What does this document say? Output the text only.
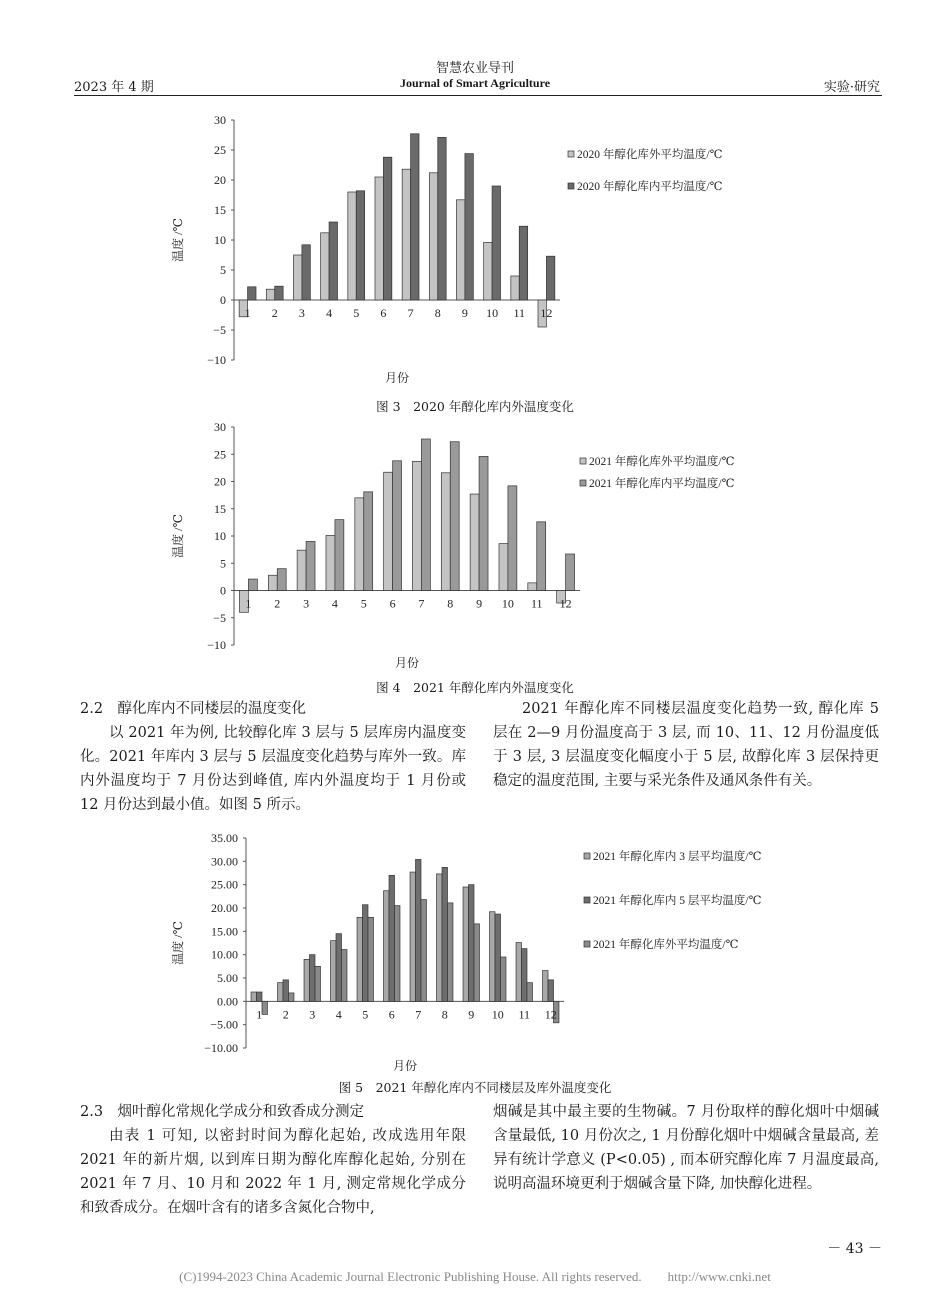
智慧农业导刊
2023 年 4 期	Journal of Smart Agriculture	实验·研究
−10
−5
0
5
10
15
20
25
30
1 2 3 4 5 6 7 8 9 10 11 12
月份
温度 /℃
2020 年醇化库外平均温度/℃
2020 年醇化库内平均温度/℃
图 3　2020 年醇化库内外温度变化
−10
−5
0
5
10
15
20
25
30
1 2 3 4 5 6 7 8 9 10 11 12
月份
温度 /℃
2021 年醇化库外平均温度/℃
2021 年醇化库内平均温度/℃
图 4　2021 年醇化库内外温度变化
2.2　醇化库内不同楼层的温度变化
以 2021 年为例, 比较醇化库 3 层与 5 层库房内温度变化。2021 年库内 3 层与 5 层温度变化趋势与库外一致。库内外温度均于 7 月份达到峰值, 库内外温度均于 1 月份或 12 月份达到最小值。如图 5 所示。
2021 年醇化库不同楼层温度变化趋势一致, 醇化库 5 层在 2—9 月份温度高于 3 层, 而 10、11、12 月份温度低于 3 层, 3 层温度变化幅度小于 5 层, 故醇化库 3 层保持更稳定的温度范围, 主要与采光条件及通风条件有关。
−10.00
−5.00
0.00
5.00
10.00
15.00
20.00
25.00
30.00
35.00
1 2 3 4 5 6 7 8 9 10 11 12
月份
温度 /℃
2021 年醇化库内 3 层平均温度/℃
2021 年醇化库内 5 层平均温度/℃
2021 年醇化库外平均温度/℃
图 5　2021 年醇化库内不同楼层及库外温度变化
2.3　烟叶醇化常规化学成分和致香成分测定
由表 1 可知, 以密封时间为醇化起始, 改成选用年限 2021 年的新片烟, 以到库日期为醇化库醇化起始, 分别在 2021 年 7 月、10 月和 2022 年 1 月, 测定常规化学成分和致香成分。在烟叶含有的诸多含氮化合物中,
烟碱是其中最主要的生物碱。7 月份取样的醇化烟叶中烟碱含量最低, 10 月份次之, 1 月份醇化烟叶中烟碱含量最高, 差异有统计学意义 (P<0.05) , 而本研究醇化库 7 月温度最高, 说明高温环境更利于烟碱含量下降, 加快醇化进程。
－ 43 －
(C)1994-2023 China Academic Journal Electronic Publishing House. All rights reserved.　　http://www.cnki.net
